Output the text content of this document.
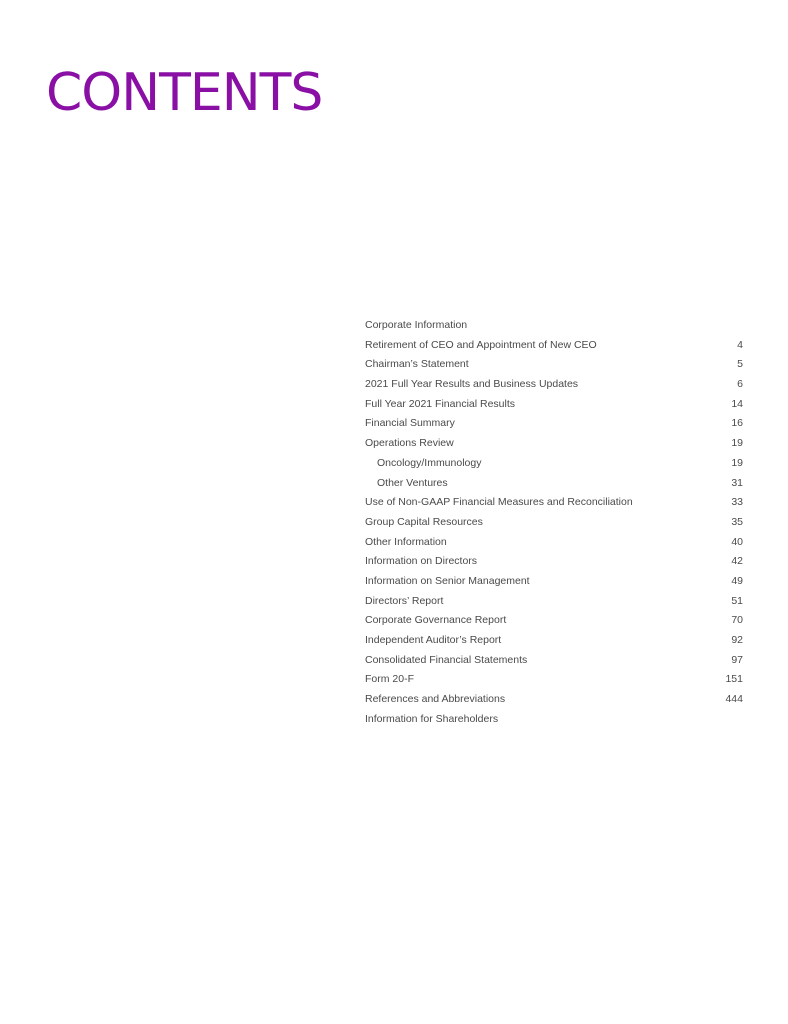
CONTENTS
Corporate Information
Retirement of CEO and Appointment of New CEO	4
Chairman’s Statement	5
2021 Full Year Results and Business Updates	6
Full Year 2021 Financial Results	14
Financial Summary	16
Operations Review	19
Oncology/Immunology	19
Other Ventures	31
Use of Non-GAAP Financial Measures and Reconciliation	33
Group Capital Resources	35
Other Information	40
Information on Directors	42
Information on Senior Management	49
Directors’ Report	51
Corporate Governance Report	70
Independent Auditor’s Report	92
Consolidated Financial Statements	97
Form 20-F	151
References and Abbreviations	444
Information for Shareholders
